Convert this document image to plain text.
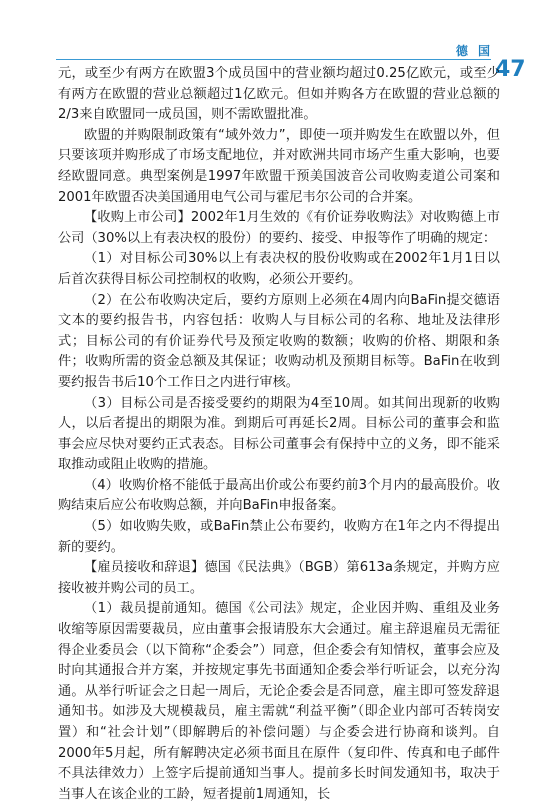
德 国
47

元，或至少有两方在欧盟3个成员国中的营业额均超过0.25亿欧元，或至少有两方在欧盟的营业总额超过1亿欧元。但如并购各方在欧盟的营业总额的2/3来自欧盟同一成员国，则不需欧盟批准。

欧盟的并购限制政策有“域外效力”，即使一项并购发生在欧盟以外，但只要该项并购形成了市场支配地位，并对欧洲共同市场产生重大影响，也要经欧盟同意。典型案例是1997年欧盟干预美国波音公司收购麦道公司案和2001年欧盟否决美国通用电气公司与霍尼韦尔公司的合并案。

【收购上市公司】2002年1月生效的《有价证券收购法》对收购德上市公司（30%以上有表决权的股份）的要约、接受、申报等作了明确的规定：

（1）对目标公司30%以上有表决权的股份收购或在2002年1月1日以后首次获得目标公司控制权的收购，必须公开要约。

（2）在公布收购决定后，要约方原则上必须在4周内向BaFin提交德语文本的要约报告书，内容包括：收购人与目标公司的名称、地址及法律形式；目标公司的有价证券代号及预定收购的数额；收购的价格、期限和条件；收购所需的资金总额及其保证；收购动机及预期目标等。BaFin在收到要约报告书后10个工作日之内进行审核。

（3）目标公司是否接受要约的期限为4至10周。如其间出现新的收购人，以后者提出的期限为准。到期后可再延长2周。目标公司的董事会和监事会应尽快对要约正式表态。目标公司董事会有保持中立的义务，即不能采取推动或阻止收购的措施。

（4）收购价格不能低于最高出价或公布要约前3个月内的最高股价。收购结束后应公布收购总额，并向BaFin申报备案。

（5）如收购失败，或BaFin禁止公布要约，收购方在1年之内不得提出新的要约。

【雇员接收和辞退】德国《民法典》（BGB）第613a条规定，并购方应接收被并购公司的员工。

（1）裁员提前通知。德国《公司法》规定，企业因并购、重组及业务收缩等原因需要裁员，应由董事会报请股东大会通过。雇主辞退雇员无需征得企业委员会（以下简称“企委会”）同意，但企委会有知情权，董事会应及时向其通报合并方案，并按规定事先书面通知企委会举行听证会，以充分沟通。从举行听证会之日起一周后，无论企委会是否同意，雇主即可签发辞退通知书。如涉及大规模裁员，雇主需就“利益平衡”（即企业内部可否转岗安置）和“社会计划”（即解聘后的补偿问题）与企委会进行协商和谈判。自2000年5月起，所有解聘决定必须书面且在原件（复印件、传真和电子邮件不具法律效力）上签字后提前通知当事人。提前多长时间发通知书，取决于当事人在该企业的工龄，短者提前1周通知，长
